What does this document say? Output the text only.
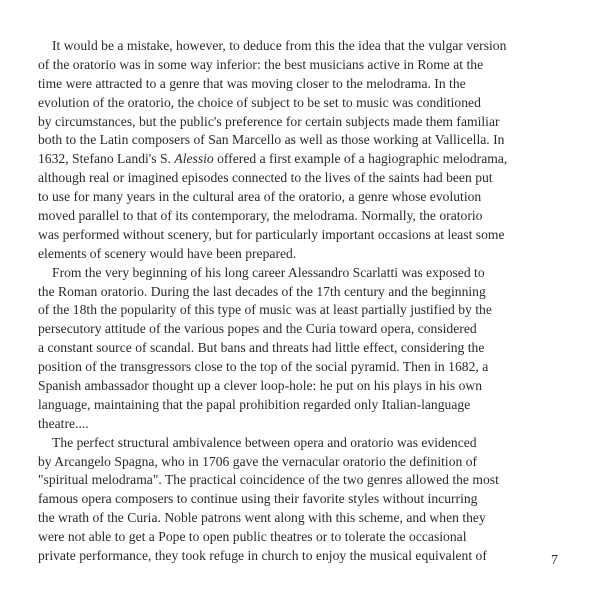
It would be a mistake, however, to deduce from this the idea that the vulgar version
of the oratorio was in some way inferior: the best musicians active in Rome at the
time were attracted to a genre that was moving closer to the melodrama. In the
evolution of the oratorio, the choice of subject to be set to music was conditioned
by circumstances, but the public's preference for certain subjects made them familiar
both to the Latin composers of San Marcello as well as those working at Vallicella. In
1632, Stefano Landi's S. Alessio offered a first example of a hagiographic melodrama,
although real or imagined episodes connected to the lives of the saints had been put
to use for many years in the cultural area of the oratorio, a genre whose evolution
moved parallel to that of its contemporary, the melodrama. Normally, the oratorio
was performed without scenery, but for particularly important occasions at least some
elements of scenery would have been prepared.
From the very beginning of his long career Alessandro Scarlatti was exposed to
the Roman oratorio. During the last decades of the 17th century and the beginning
of the 18th the popularity of this type of music was at least partially justified by the
persecutory attitude of the various popes and the Curia toward opera, considered
a constant source of scandal. But bans and threats had little effect, considering the
position of the transgressors close to the top of the social pyramid. Then in 1682, a
Spanish ambassador thought up a clever loop-hole: he put on his plays in his own
language, maintaining that the papal prohibition regarded only Italian-language
theatre....
The perfect structural ambivalence between opera and oratorio was evidenced
by Arcangelo Spagna, who in 1706 gave the vernacular oratorio the definition of
"spiritual melodrama". The practical coincidence of the two genres allowed the most
famous opera composers to continue using their favorite styles without incurring
the wrath of the Curia. Noble patrons went along with this scheme, and when they
were not able to get a Pope to open public theatres or to tolerate the occasional
private performance, they took refuge in church to enjoy the musical equivalent of	7
